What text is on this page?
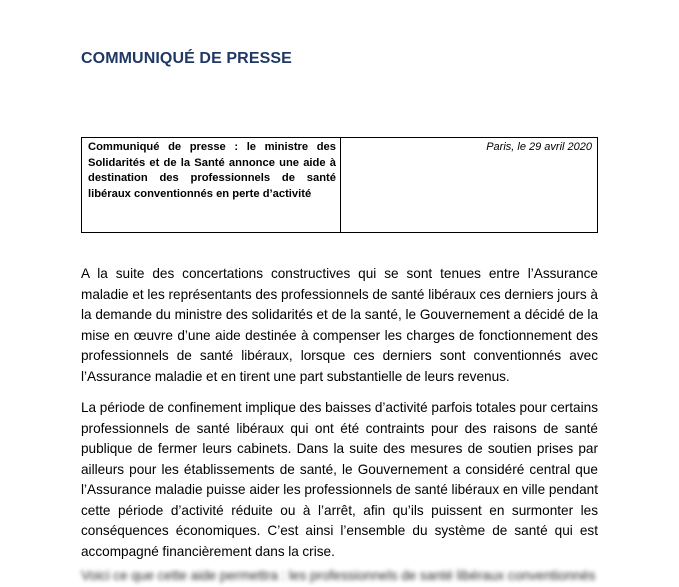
COMMUNIQUÉ DE PRESSE

Communiqué de presse : le ministre des Solidarités et de la Santé annonce une aide à destination des professionnels de santé libéraux conventionnés en perte d’activité

Paris, le 29 avril 2020

A la suite des concertations constructives qui se sont tenues entre l’Assurance maladie et les représentants des professionnels de santé libéraux ces derniers jours à la demande du ministre des solidarités et de la santé, le Gouvernement a décidé de la mise en œuvre d’une aide destinée à compenser les charges de fonctionnement des professionnels de santé libéraux, lorsque ces derniers sont conventionnés avec l’Assurance maladie et en tirent une part substantielle de leurs revenus.

La période de confinement implique des baisses d’activité parfois totales pour certains professionnels de santé libéraux qui ont été contraints pour des raisons de santé publique de fermer leurs cabinets. Dans la suite des mesures de soutien prises par ailleurs pour les établissements de santé, le Gouvernement a considéré central que l’Assurance maladie puisse aider les professionnels de santé libéraux en ville pendant cette période d’activité réduite ou à l’arrêt, afin qu’ils puissent en surmonter les conséquences économiques. C’est ainsi l’ensemble du système de santé qui est accompagné financièrement dans la crise.

Voici ce que cette aide permettra : les professionnels de santé libéraux conventionnés
